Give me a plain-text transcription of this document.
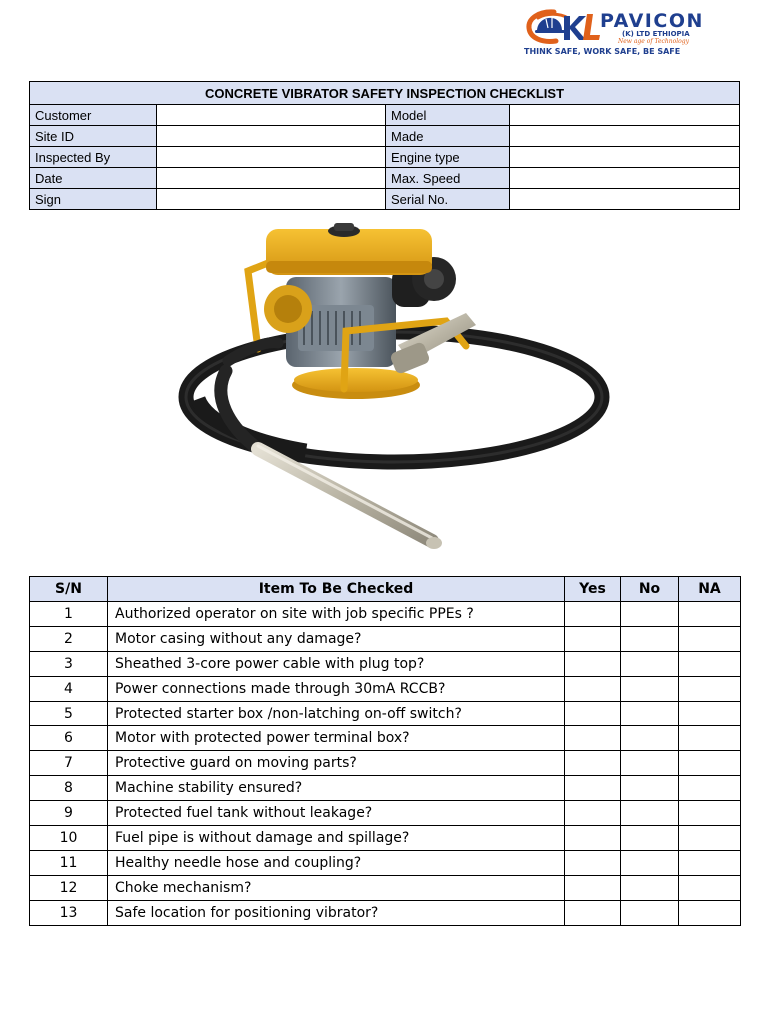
PAVICON
(K) LTD ETHIOPIA
New age of Technology
THINK SAFE, WORK SAFE, BE SAFE
CONCRETE VIBRATOR SAFETY INSPECTION CHECKLIST			
Customer		Model	
Site ID		Made	
Inspected By		Engine type	
Date		Max. Speed	
Sign		Serial No.	
S/N	Item To Be Checked	Yes	No	NA
1	Authorized operator on site with job specific PPEs ?			
2	Motor casing without any damage?			
3	Sheathed 3-core power cable with plug top?			
4	Power connections made through 30mA RCCB?			
5	Protected starter box /non-latching on-off switch?			
6	Motor with protected power terminal box?			
7	Protective guard on moving parts?			
8	Machine stability ensured?			
9	Protected fuel tank without leakage?			
10	Fuel pipe is without damage and spillage?			
11	Healthy needle hose and coupling?			
12	Choke mechanism?			
13	Safe location for positioning vibrator?			
